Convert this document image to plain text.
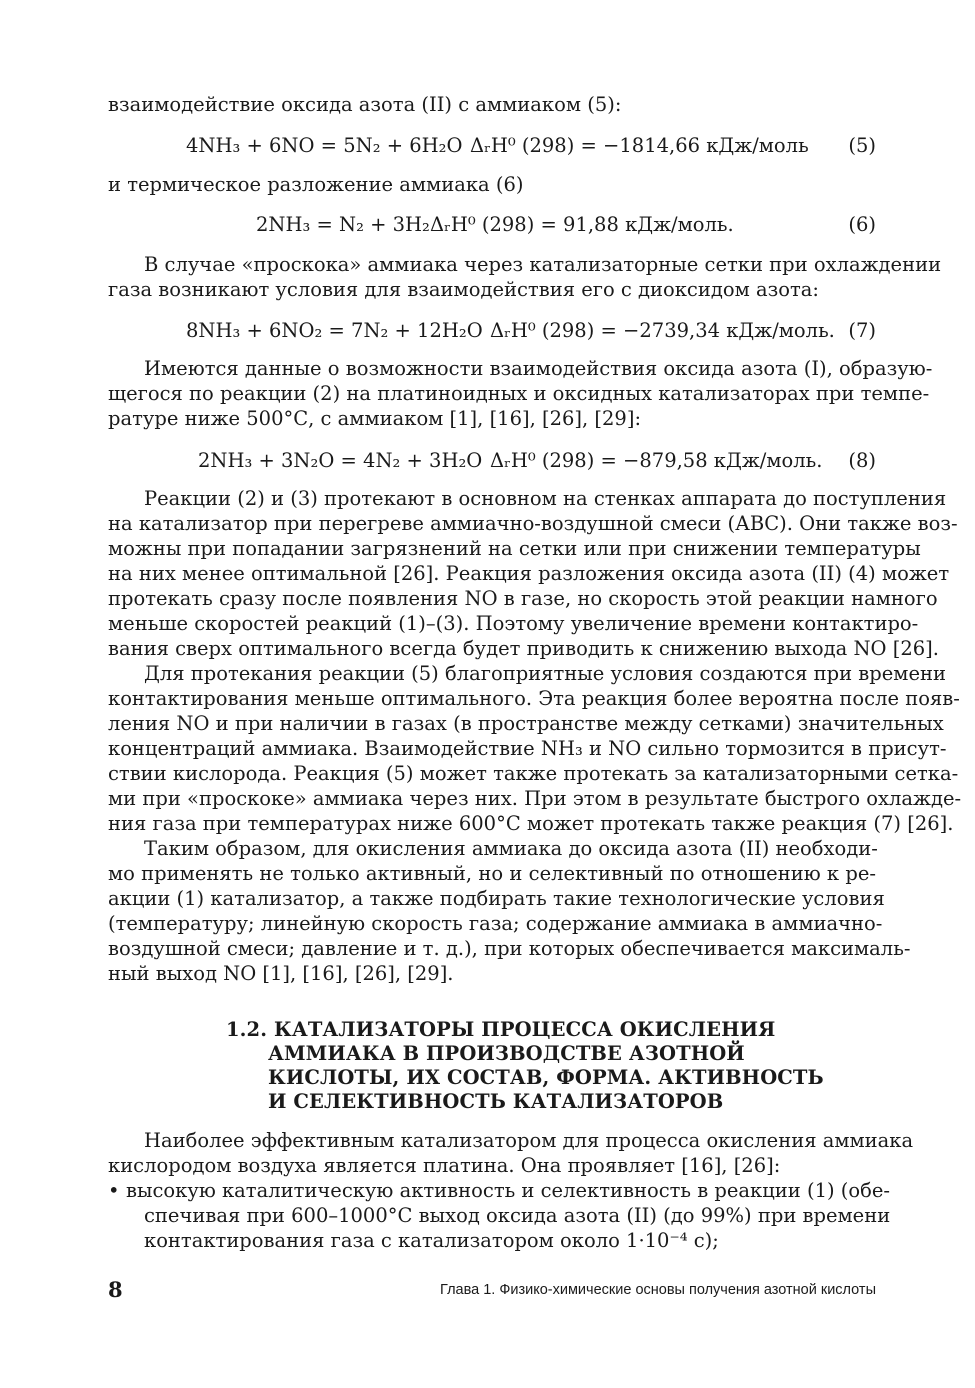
взаимодействие оксида азота (II) с аммиаком (5):
4NH₃ + 6NO = 5N₂ + 6H₂O ΔᵣH⁰ (298) = −1814,66 кДж/моль (5)
и термическое разложение аммиака (6)
2NH₃ = N₂ + 3H₂ ΔᵣH⁰ (298) = 91,88 кДж/моль.	(6)
В случае «проскока» аммиака через катализаторные сетки при охлаждении
газа возникают условия для взаимодействия его с диоксидом азота:
8NH₃ + 6NO₂ = 7N₂ + 12H₂O ΔᵣH⁰ (298) = −2739,34 кДж/моль. (7)
Имеются данные о возможности взаимодействия оксида азота (I), образую-
щегося по реакции (2) на платиноидных и оксидных катализаторах при темпе-
ратуре ниже 500°С, с аммиаком [1], [16], [26], [29]:
2NH₃ + 3N₂O = 4N₂ + 3H₂O ΔᵣH⁰ (298) = −879,58 кДж/моль. (8)
Реакции (2) и (3) протекают в основном на стенках аппарата до поступления
на катализатор при перегреве аммиачно-воздушной смеси (АВС). Они также воз-
можны при попадании загрязнений на сетки или при снижении температуры
на них менее оптимальной [26]. Реакция разложения оксида азота (II) (4) может
протекать сразу после появления NO в газе, но скорость этой реакции намного
меньше скоростей реакций (1)–(3). Поэтому увеличение времени контактиро-
вания сверх оптимального всегда будет приводить к снижению выхода NO [26].
Для протекания реакции (5) благоприятные условия создаются при времени
контактирования меньше оптимального. Эта реакция более вероятна после появ-
ления NO и при наличии в газах (в пространстве между сетками) значительных
концентраций аммиака. Взаимодействие NH₃ и NO сильно тормозится в присут-
ствии кислорода. Реакция (5) может также протекать за катализаторными сетка-
ми при «проскоке» аммиака через них. При этом в результате быстрого охлажде-
ния газа при температурах ниже 600°С может протекать также реакция (7) [26].
Таким образом, для окисления аммиака до оксида азота (II) необходи-
мо применять не только активный, но и селективный по отношению к ре-
акции (1) катализатор, а также подбирать такие технологические условия
(температуру; линейную скорость газа; содержание аммиака в аммиачно-
воздушной смеси; давление и т. д.), при которых обеспечивается максималь-
ный выход NO [1], [16], [26], [29].
1.2. КАТАЛИЗАТОРЫ ПРОЦЕССА ОКИСЛЕНИЯ
АММИАКА В ПРОИЗВОДСТВЕ АЗОТНОЙ
КИСЛОТЫ, ИХ СОСТАВ, ФОРМА. АКТИВНОСТЬ
И СЕЛЕКТИВНОСТЬ КАТАЛИЗАТОРОВ
Наиболее эффективным катализатором для процесса окисления аммиака
кислородом воздуха является платина. Она проявляет [16], [26]:
• высокую каталитическую активность и селективность в реакции (1) (обе-
спечивая при 600–1000°С выход оксида азота (II) (до 99%) при времени
контактирования газа с катализатором около 1·10⁻⁴ с);
8	Глава 1. Физико-химические основы получения азотной кислоты
